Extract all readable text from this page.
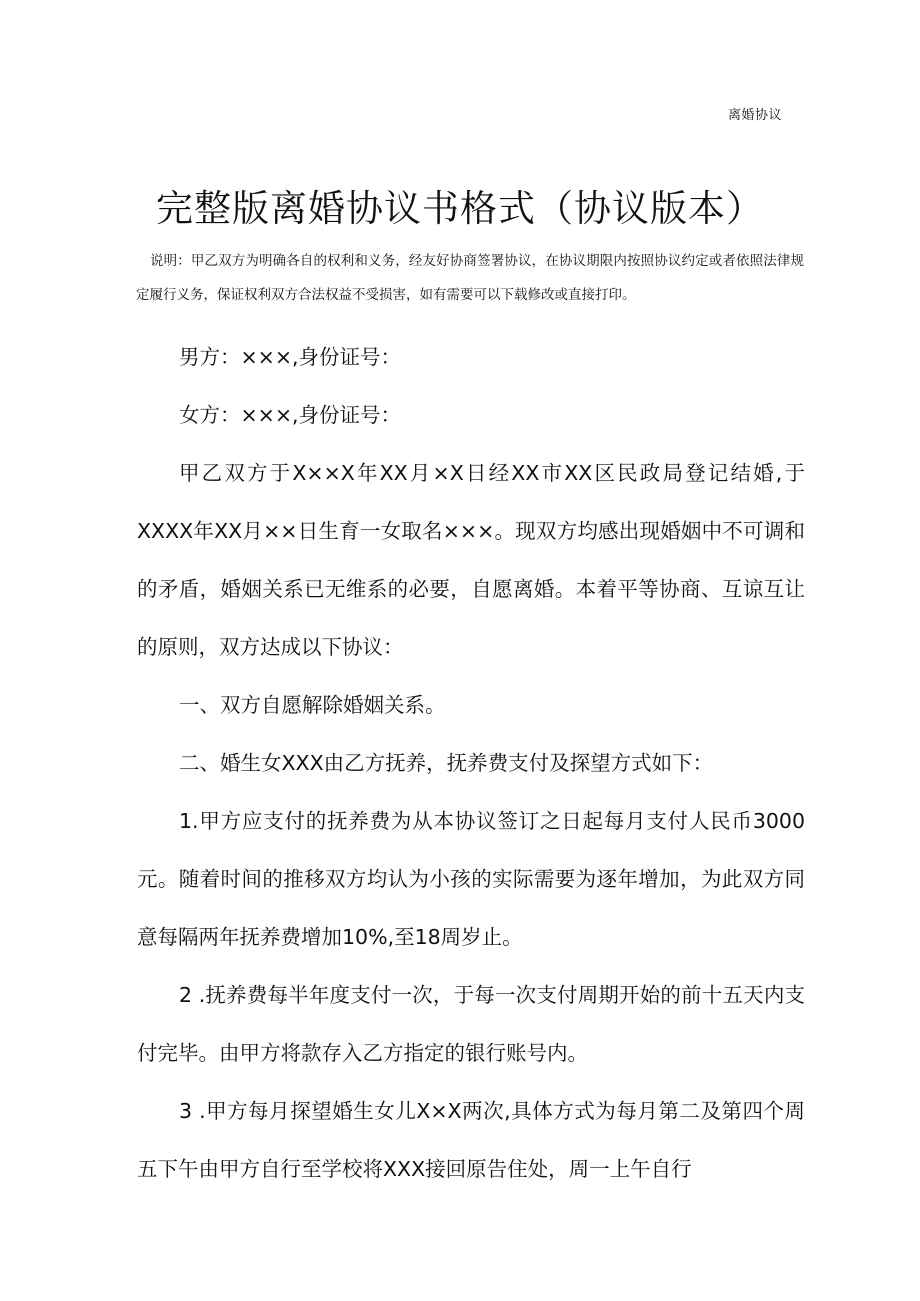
离婚协议
完整版离婚协议书格式（协议版本）
说明：甲乙双方为明确各自的权利和义务，经友好协商签署协议，在协议期限内按照协议约定或者依照法律规定履行义务，保证权利双方合法权益不受损害，如有需要可以下载修改或直接打印。

男方：×××,身份证号：

女方：×××,身份证号：

甲乙双方于X××X年XX月×X日经XX市XX区民政局登记结婚,于XXXX年XX月××日生育一女取名×××。现双方均感出现婚姻中不可调和的矛盾，婚姻关系已无维系的必要，自愿离婚。本着平等协商、互谅互让的原则，双方达成以下协议：

一、双方自愿解除婚姻关系。

二、婚生女XXX由乙方抚养，抚养费支付及探望方式如下：

1.甲方应支付的抚养费为从本协议签订之日起每月支付人民币3000元。随着时间的推移双方均认为小孩的实际需要为逐年增加，为此双方同意每隔两年抚养费增加10%,至18周岁止。

2 .抚养费每半年度支付一次，于每一次支付周期开始的前十五天内支付完毕。由甲方将款存入乙方指定的银行账号内。

3 .甲方每月探望婚生女儿X×X两次,具体方式为每月第二及第四个周五下午由甲方自行至学校将XXX接回原告住处，周一上午自行
